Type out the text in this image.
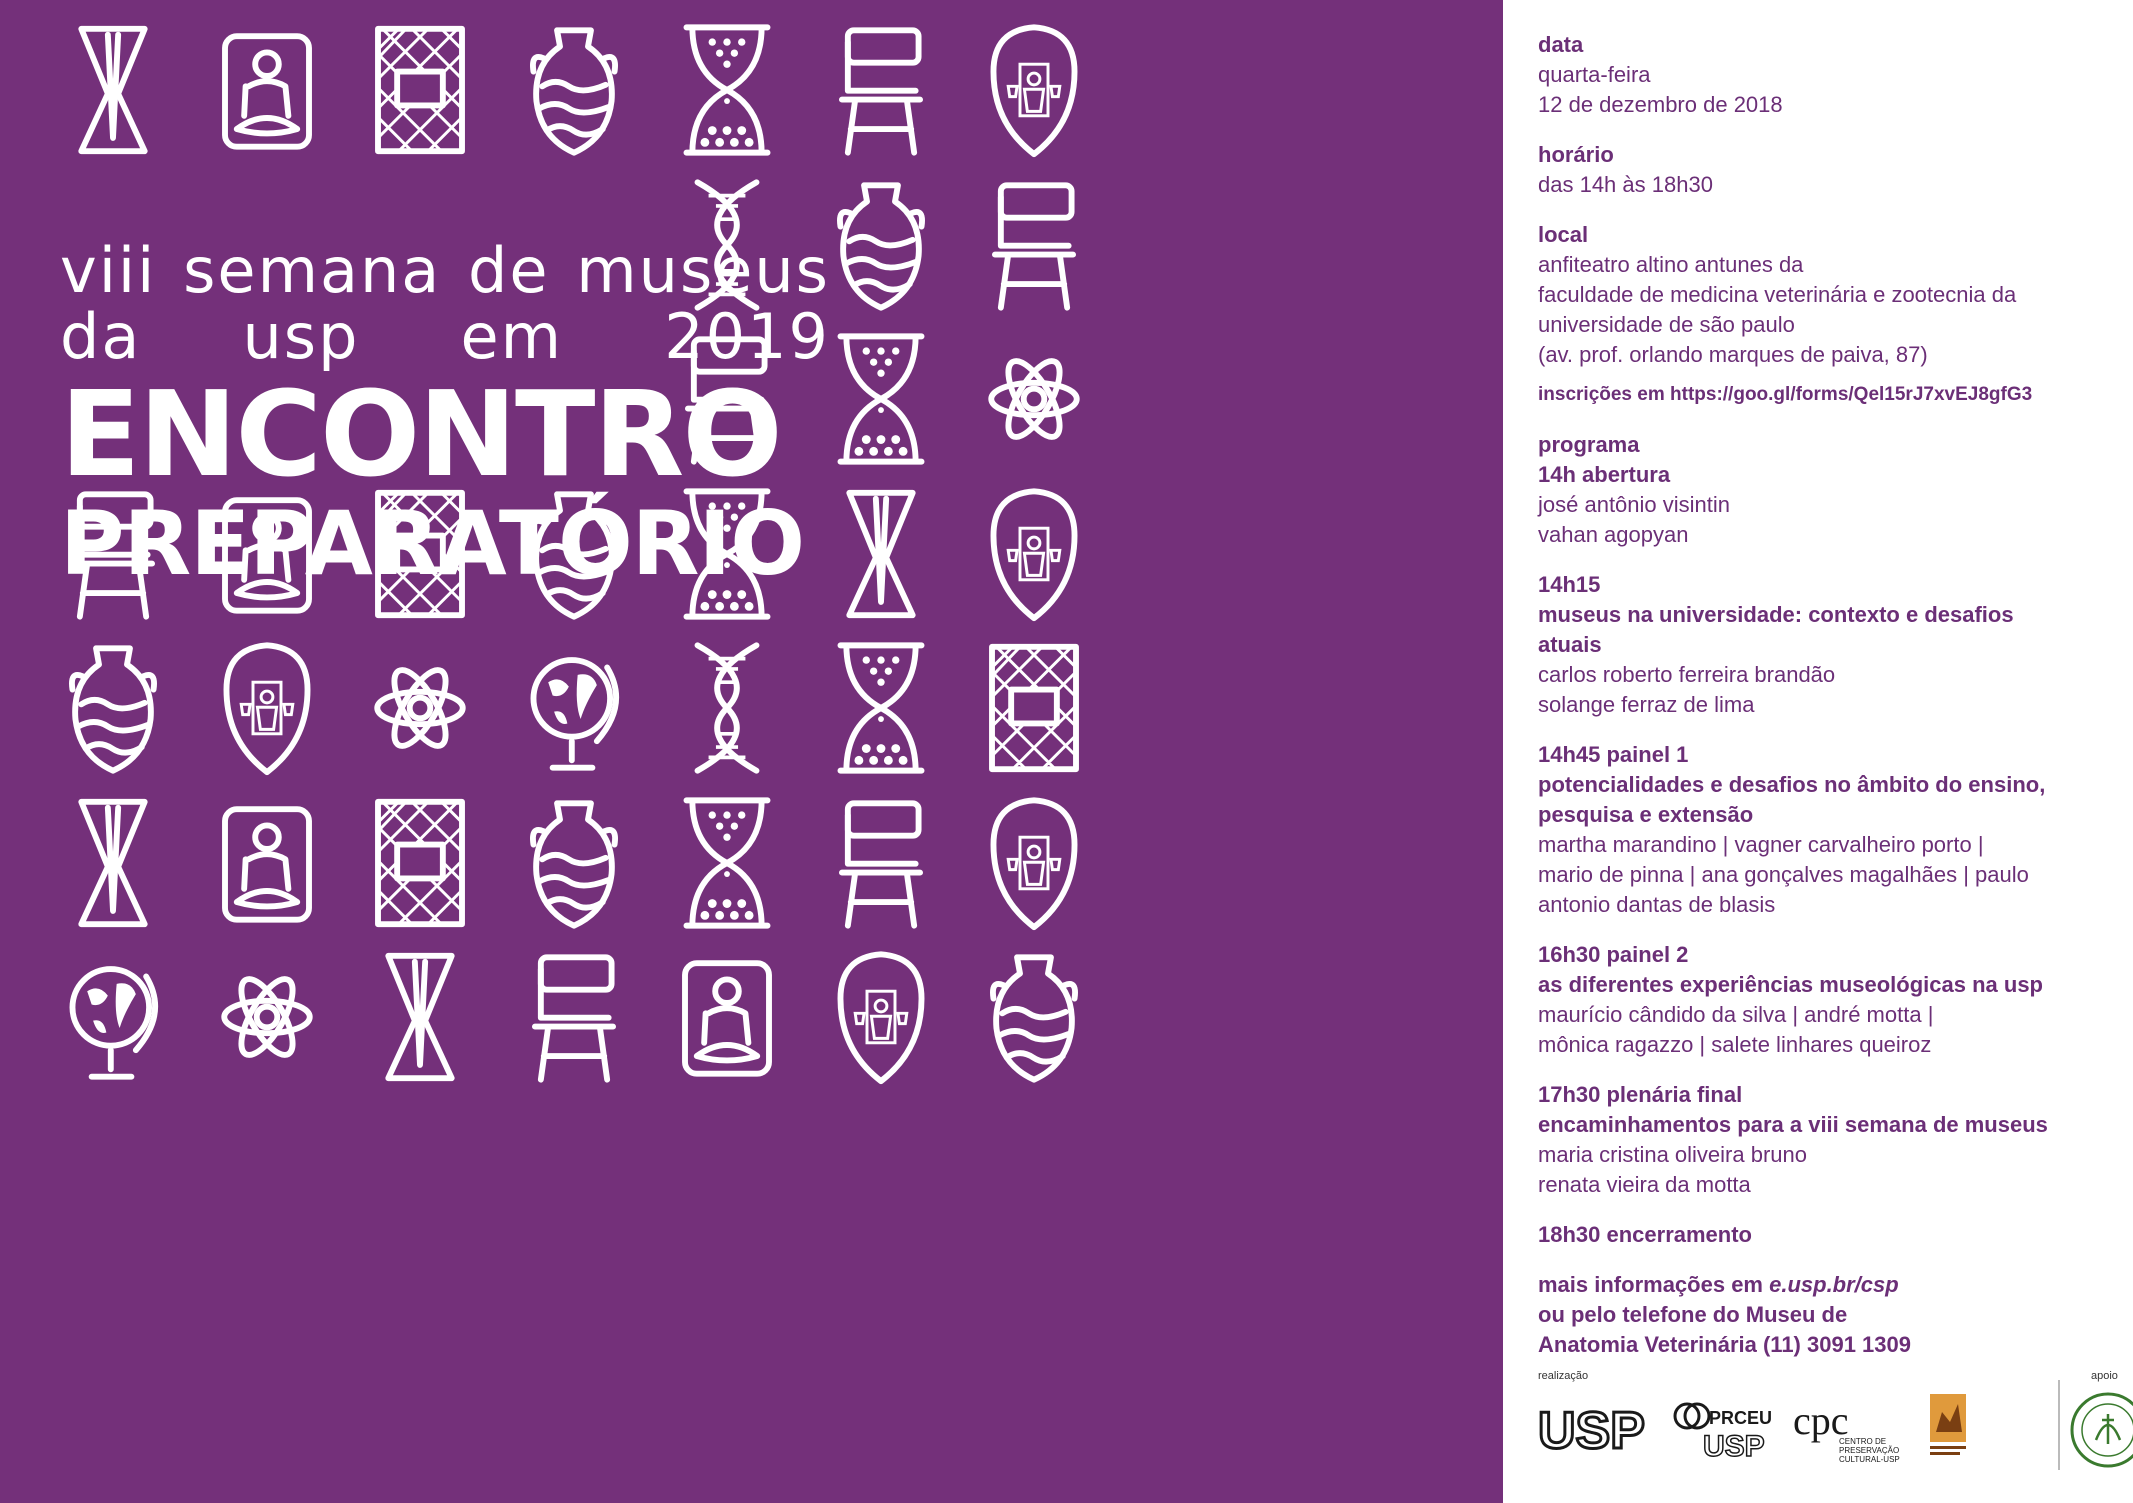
viii semana de museus
da usp em 2019
ENCONTRO
PREPARATÓRIO
data
quarta-feira
12 de dezembro de 2018
horário
das 14h às 18h30
local
anfiteatro altino antunes da
faculdade de medicina veterinária e zootecnia da
universidade de são paulo
(av. prof. orlando marques de paiva, 87)
inscrições em https://goo.gl/forms/Qel15rJ7xvEJ8gfG3
programa
14h abertura
josé antônio visintin
vahan agopyan
14h15
museus na universidade: contexto e desafios
atuais
carlos roberto ferreira brandão
solange ferraz de lima
14h45 painel 1
potencialidades e desafios no âmbito do ensino,
pesquisa e extensão
martha marandino | vagner carvalheiro porto |
mario de pinna | ana gonçalves magalhães | paulo
antonio dantas de blasis
16h30 painel 2
as diferentes experiências museológicas na usp
maurício cândido da silva | andré motta |
mônica ragazzo | salete linhares queiroz
17h30 plenária final
encaminhamentos para a viii semana de museus
maria cristina oliveira bruno
renata vieira da motta
18h30 encerramento
mais informações em e.usp.br/csp
ou pelo telefone do Museu de
Anatomia Veterinária (11) 3091 1309
realização	apoio
USP	PRCEU
USP
cpc
CENTRO DE
PRESERVAÇÃO
CULTURAL-USP
